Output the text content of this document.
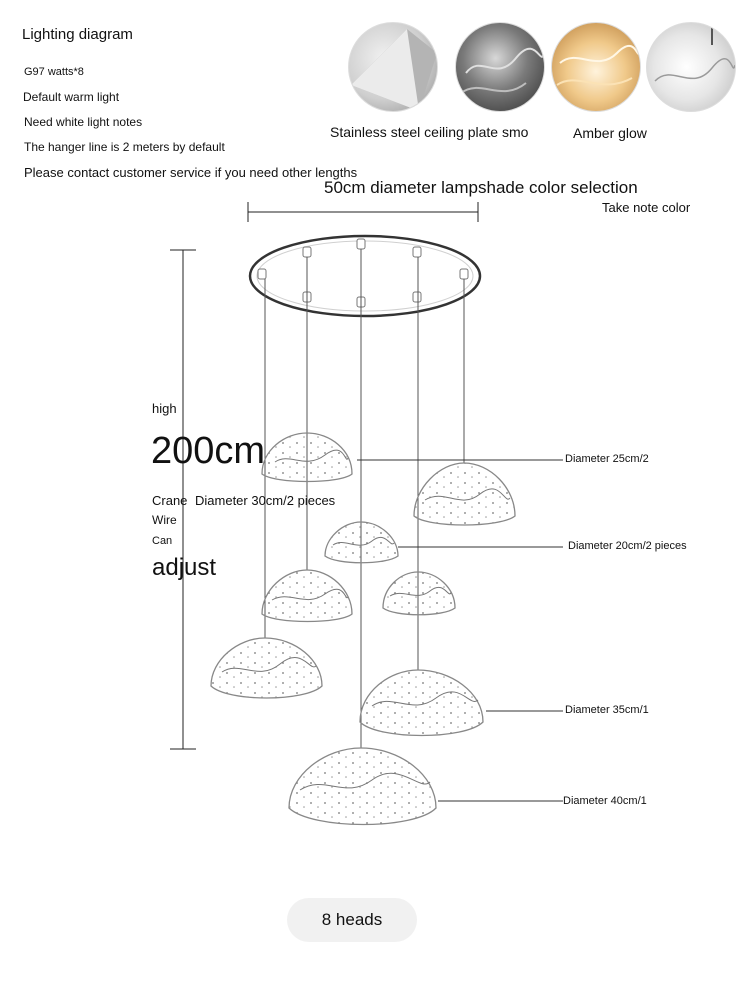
Lighting diagram
G97 watts*8
Default warm light
Need white light notes
The hanger line is 2 meters by default
Please contact customer service if you need other lengths
Stainless steel ceiling plate smo	Amber glow
50cm diameter lampshade color selection
Take note color
high
200cm
Crane Diameter 30cm/2 pieces
Wire
Can
adjust
Diameter 25cm/2
Diameter 20cm/2 pieces
Diameter 35cm/1
Diameter 40cm/1
8 heads
